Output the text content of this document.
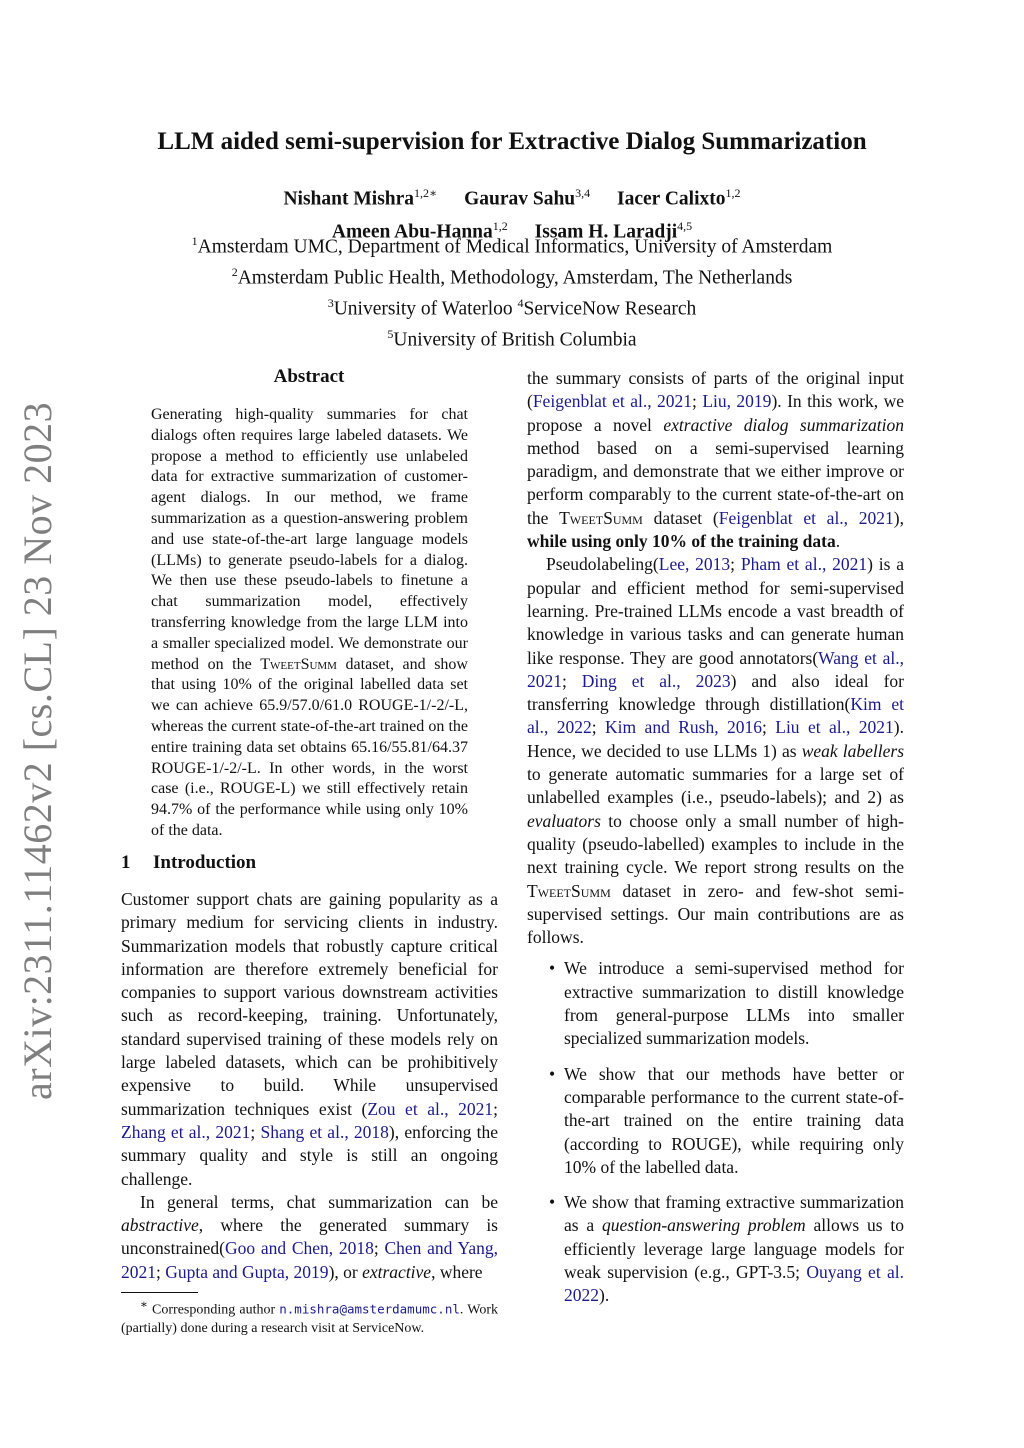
arXiv:2311.11462v2 [cs.CL] 23 Nov 2023
LLM aided semi-supervision for Extractive Dialog Summarization
Nishant Mishra$^{1,2∗}$ Gaurav Sahu$^{3,4}$ Iacer Calixto$^{1,2}$
Ameen Abu-Hanna$^{1,2}$ Issam H. Laradji$^{4,5}$
$^1$Amsterdam UMC, Department of Medical Informatics, University of Amsterdam
$^2$Amsterdam Public Health, Methodology, Amsterdam, The Netherlands
$^3$University of Waterloo $^4$ServiceNow Research
$^5$University of British Columbia
Abstract
Generating high-quality summaries for chat dialogs often requires large labeled datasets. We propose a method to efficiently use unlabeled data for extractive summarization of customer-agent dialogs. In our method, we frame summarization as a question-answering problem and use state-of-the-art large language models (LLMs) to generate pseudo-labels for a dialog. We then use these pseudo-labels to finetune a chat summarization model, effectively transferring knowledge from the large LLM into a smaller specialized model. We demonstrate our method on the TweetSumm dataset, and show that using 10% of the original labelled data set we can achieve 65.9/57.0/61.0 ROUGE-1/-2/-L, whereas the current state-of-the-art trained on the entire training data set obtains 65.16/55.81/64.37 ROUGE-1/-2/-L. In other words, in the worst case (i.e., ROUGE-L) we still effectively retain 94.7% of the performance while using only 10% of the data.
1 Introduction

Customer support chats are gaining popularity as a primary medium for servicing clients in industry. Summarization models that robustly capture critical information are therefore extremely beneficial for companies to support various downstream activities such as record-keeping, training. Unfortunately, standard supervised training of these models rely on large labeled datasets, which can be prohibitively expensive to build. While unsupervised summarization techniques exist (Zou et al., 2021; Zhang et al., 2021; Shang et al., 2018), enforcing the summary quality and style is still an ongoing challenge.

In general terms, chat summarization can be abstractive, where the generated summary is unconstrained(Goo and Chen, 2018; Chen and Yang, 2021; Gupta and Gupta, 2019), or extractive, where

the summary consists of parts of the original input (Feigenblat et al., 2021; Liu, 2019). In this work, we propose a novel extractive dialog summarization method based on a semi-supervised learning paradigm, and demonstrate that we either improve or perform comparably to the current state-of-the-art on the TweetSumm dataset (Feigenblat et al., 2021), while using only 10% of the training data.

Pseudolabeling(Lee, 2013; Pham et al., 2021) is a popular and efficient method for semi-supervised learning. Pre-trained LLMs encode a vast breadth of knowledge in various tasks and can generate human like response. They are good annotators(Wang et al., 2021; Ding et al., 2023) and also ideal for transferring knowledge through distillation(Kim et al., 2022; Kim and Rush, 2016; Liu et al., 2021). Hence, we decided to use LLMs 1) as weak labellers to generate automatic summaries for a large set of unlabelled examples (i.e., pseudo-labels); and 2) as evaluators to choose only a small number of high-quality (pseudo-labelled) examples to include in the next training cycle. We report strong results on the TweetSumm dataset in zero- and few-shot semi-supervised settings. Our main contributions are as follows.

• We introduce a semi-supervised method for extractive summarization to distill knowledge from general-purpose LLMs into smaller specialized summarization models.
• We show that our methods have better or comparable performance to the current state-of-the-art trained on the entire training data (according to ROUGE), while requiring only 10% of the labelled data.
• We show that framing extractive summarization as a question-answering problem allows us to efficiently leverage large language models for weak supervision (e.g., GPT-3.5; Ouyang et al. 2022).
∗ Corresponding author n.mishra@amsterdamumc.nl. Work (partially) done during a research visit at ServiceNow.
